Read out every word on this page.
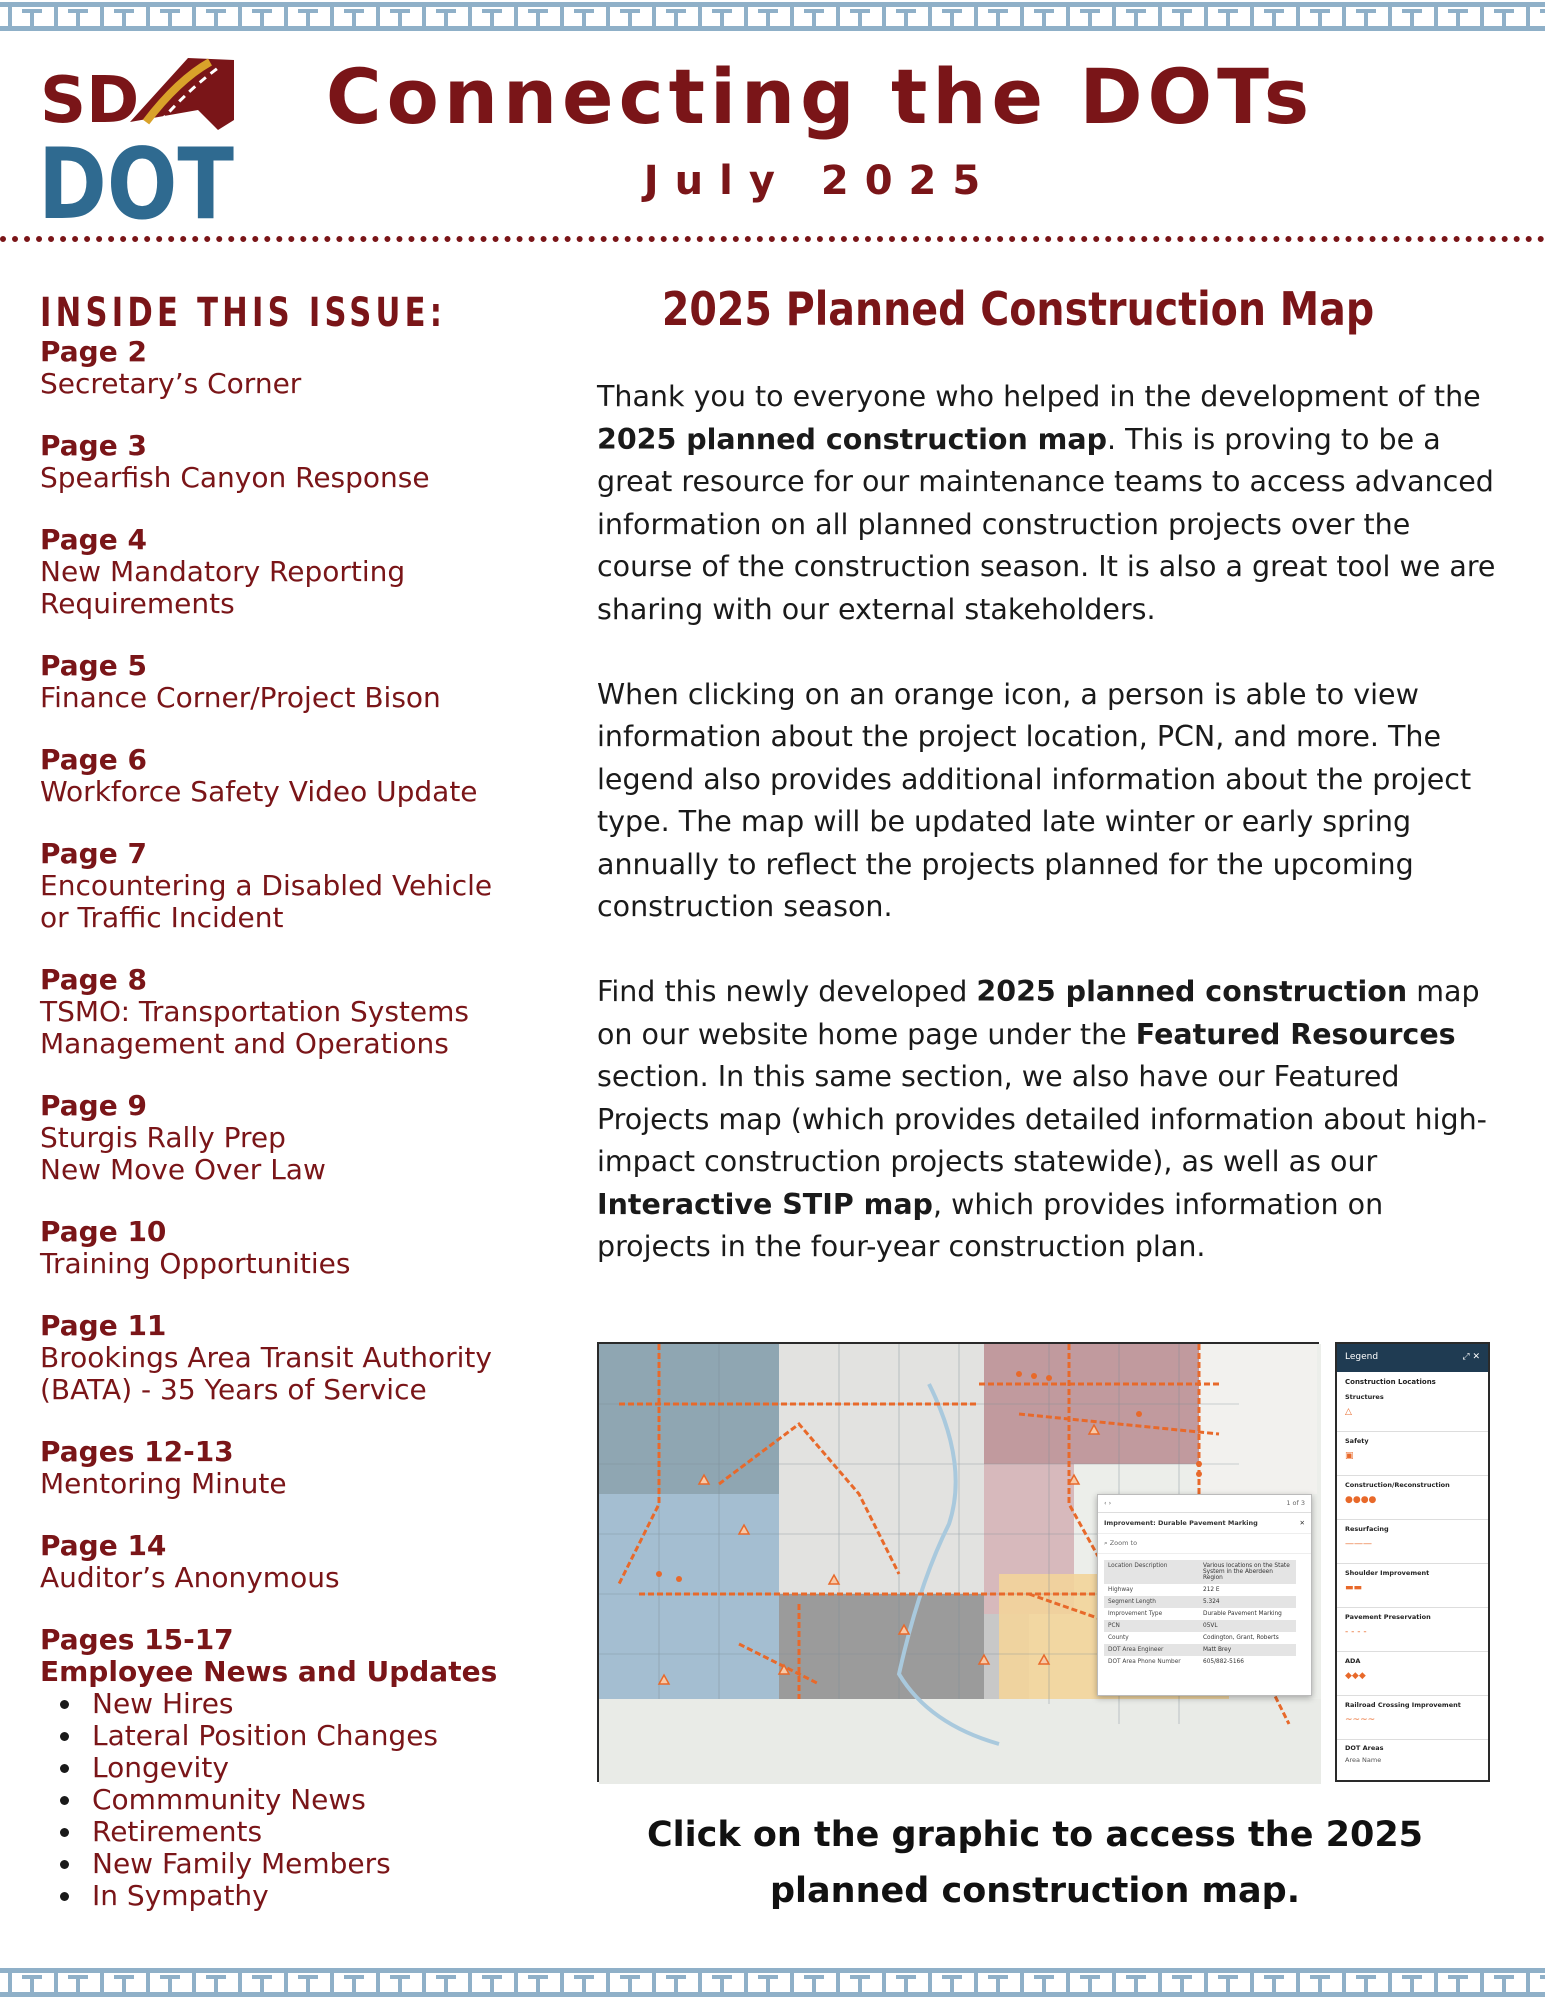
SD
DOT
Connecting the DOTs
July 2025
INSIDE THIS ISSUE:
Page 2
Secretary’s Corner
Page 3
Spearfish Canyon Response
Page 4
New Mandatory Reporting Requirements
Page 5
Finance Corner/Project Bison
Page 6
Workforce Safety Video Update
Page 7
Encountering a Disabled Vehicle or Traffic Incident
Page 8
TSMO: Transportation Systems Management and Operations
Page 9
Sturgis Rally Prep
New Move Over Law
Page 10
Training Opportunities
Page 11
Brookings Area Transit Authority (BATA) - 35 Years of Service
Pages 12-13
Mentoring Minute
Page 14
Auditor’s Anonymous
Pages 15-17
Employee News and Updates
New Hires
Lateral Position Changes
Longevity
Commmunity News
Retirements
New Family Members
In Sympathy
2025 Planned Construction Map

Thank you to everyone who helped in the development of the 2025 planned construction map. This is proving to be a great resource for our maintenance teams to access advanced information on all planned construction projects over the course of the construction season. It is also a great tool we are sharing with our external stakeholders.

When clicking on an orange icon, a person is able to view information about the project location, PCN, and more. The legend also provides additional information about the project type. The map will be updated late winter or early spring annually to reflect the projects planned for the upcoming construction season.

Find this newly developed 2025 planned construction map on our website home page under the Featured Resources section. In this same section, we also have our Featured Projects map (which provides detailed information about high-impact construction projects statewide), as well as our Interactive STIP map, which provides information on projects in the four-year construction plan.

‹ ›	1 of 3
Improvement: Durable Pavement Marking	✕
⌕ Zoom to
Location Description	Various locations on the State System in the Aberdeen Region
Highway	212 E
Segment Length	5.324
Improvement Type	Durable Pavement Marking
PCN	05VL
County	Codington, Grant, Roberts
DOT Area Engineer	Matt Brey
DOT Area Phone Number	605/882-5166
Legend	⤢ ✕
Construction Locations
Structures
△
Safety
▣
Construction/Reconstruction
●●●●
Resurfacing
———
Shoulder Improvement
▬▬
Pavement Preservation
- - - -
ADA
◆◆◆
Railroad Crossing Improvement
~~~~
DOT Areas
Area Name
Click on the graphic to access the 2025 planned construction map.
